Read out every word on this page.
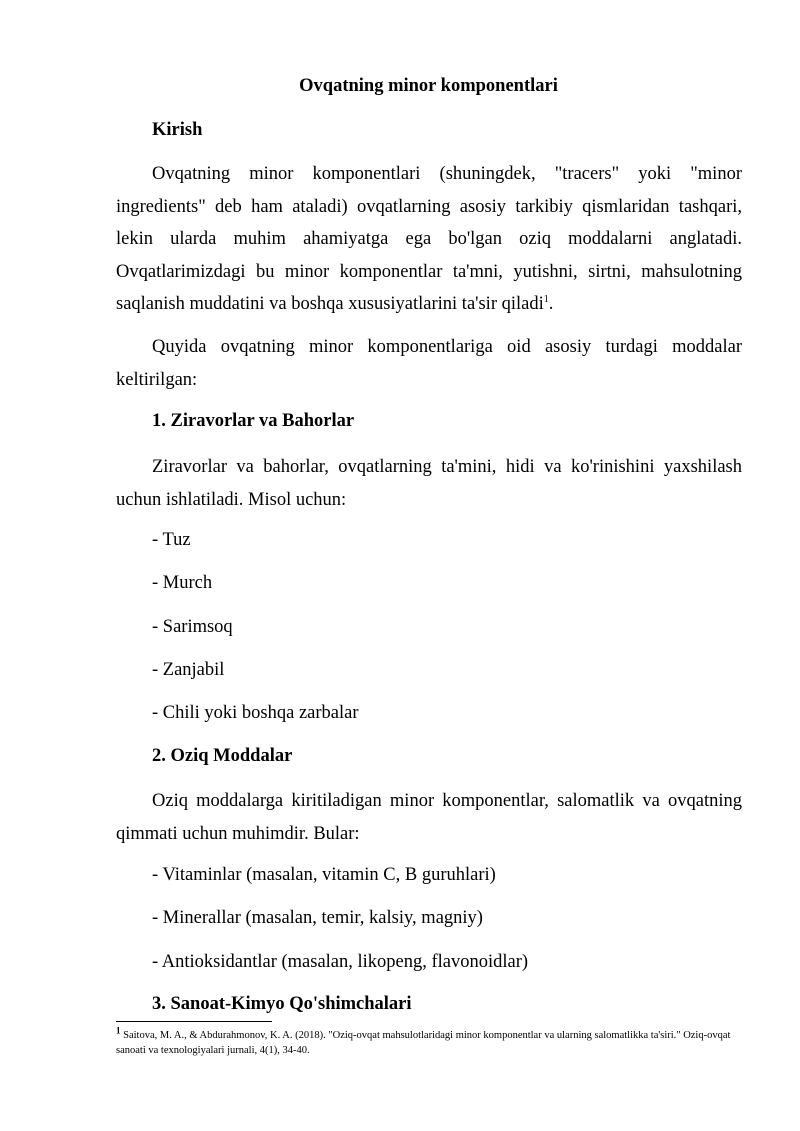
Ovqatning minor komponentlari
Kirish
Ovqatning minor komponentlari (shuningdek, "tracers" yoki "minor ingredients" deb ham ataladi) ovqatlarning asosiy tarkibiy qismlaridan tashqari, lekin ularda muhim ahamiyatga ega bo'lgan oziq moddalarni anglatadi. Ovqatlarimizdagi bu minor komponentlar ta'mni, yutishni, sirtni, mahsulotning saqlanish muddatini va boshqa xususiyatlarini ta'sir qiladi$^1$.
Quyida ovqatning minor komponentlariga oid asosiy turdagi moddalar keltirilgan:
1. Ziravorlar va Bahorlar
Ziravorlar va bahorlar, ovqatlarning ta'mini, hidi va ko'rinishini yaxshilash uchun ishlatiladi. Misol uchun:
- Tuz
- Murch
- Sarimsoq
- Zanjabil
- Chili yoki boshqa zarbalar
2. Oziq Moddalar
Oziq moddalarga kiritiladigan minor komponentlar, salomatlik va ovqatning qimmati uchun muhimdir. Bular:
- Vitaminlar (masalan, vitamin C, B guruhlari)
- Minerallar (masalan, temir, kalsiy, magniy)
- Antioksidantlar (masalan, likopeng, flavonoidlar)
3. Sanoat-Kimyo Qo'shimchalari
1 Saitova, M. A., & Abdurahmonov, K. A. (2018). "Oziq-ovqat mahsulotlaridagi minor komponentlar va ularning salomatlikka ta'siri." Oziq-ovqat sanoati va texnologiyalari jurnali, 4(1), 34-40.
